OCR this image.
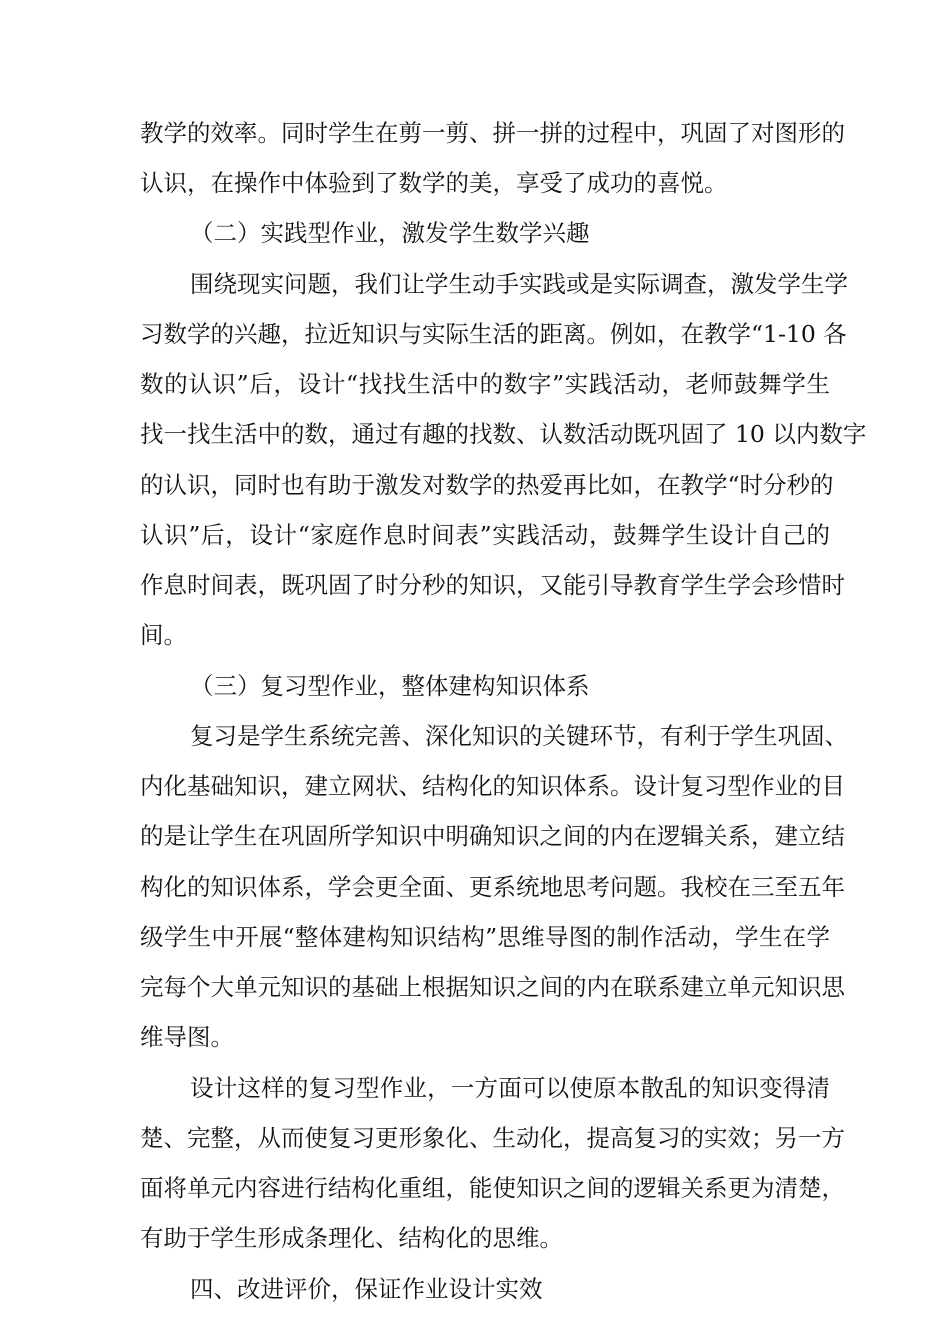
教学的效率。同时学生在剪一剪、拼一拼的过程中，巩固了对图形的
认识，在操作中体验到了数学的美，享受了成功的喜悦。
（二）实践型作业，激发学生数学兴趣
围绕现实问题，我们让学生动手实践或是实际调查，激发学生学
习数学的兴趣，拉近知识与实际生活的距离。例如，在教学“1-10 各
数的认识”后，设计“找找生活中的数字”实践活动，老师鼓舞学生
找一找生活中的数，通过有趣的找数、认数活动既巩固了 10 以内数字
的认识，同时也有助于激发对数学的热爱再比如，在教学“时分秒的
认识”后，设计“家庭作息时间表”实践活动，鼓舞学生设计自己的
作息时间表，既巩固了时分秒的知识，又能引导教育学生学会珍惜时
间。
（三）复习型作业，整体建构知识体系
复习是学生系统完善、深化知识的关键环节，有利于学生巩固、
内化基础知识，建立网状、结构化的知识体系。设计复习型作业的目
的是让学生在巩固所学知识中明确知识之间的内在逻辑关系，建立结
构化的知识体系，学会更全面、更系统地思考问题。我校在三至五年
级学生中开展“整体建构知识结构”思维导图的制作活动，学生在学
完每个大单元知识的基础上根据知识之间的内在联系建立单元知识思
维导图。
设计这样的复习型作业，一方面可以使原本散乱的知识变得清
楚、完整，从而使复习更形象化、生动化，提高复习的实效；另一方
面将单元内容进行结构化重组，能使知识之间的逻辑关系更为清楚，
有助于学生形成条理化、结构化的思维。
四、改进评价，保证作业设计实效
